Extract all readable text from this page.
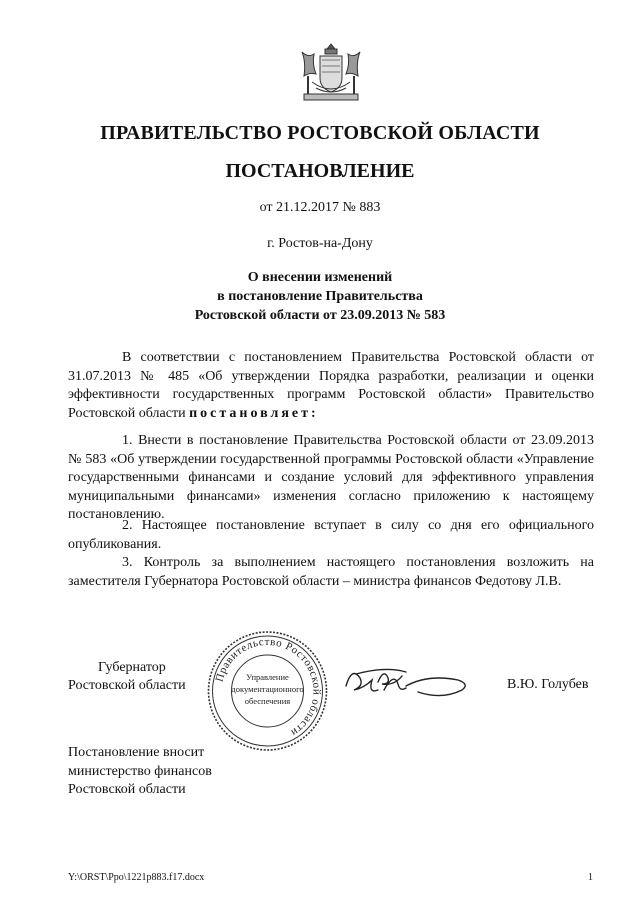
ПРАВИТЕЛЬСТВО РОСТОВСКОЙ ОБЛАСТИ
ПОСТАНОВЛЕНИЕ
от 21.12.2017 № 883
г. Ростов-на-Дону
О внесении изменений
в постановление Правительства
Ростовской области от 23.09.2013 № 583

В соответствии с постановлением Правительства Ростовской области от 31.07.2013 № 485 «Об утверждении Порядка разработки, реализации и оценки эффективности государственных программ Ростовской области» Правительство Ростовской области постановляет:

1. Внести в постановление Правительства Ростовской области от 23.09.2013 № 583 «Об утверждении государственной программы Ростовской области «Управление государственными финансами и создание условий для эффективного управления муниципальными финансами» изменения согласно приложению к настоящему постановлению.

2. Настоящее постановление вступает в силу со дня его официального опубликования.

3. Контроль за выполнением настоящего постановления возложить на заместителя Губернатора Ростовской области – министра финансов Федотову Л.В.

Губернатор
Ростовской области
Правительство Ростовской области
Управление
документационного
обеспечения
В.Ю. Голубев
Постановление вносит
министерство финансов
Ростовской области
Y:\ORST\Ppo\1221p883.f17.docx	1
